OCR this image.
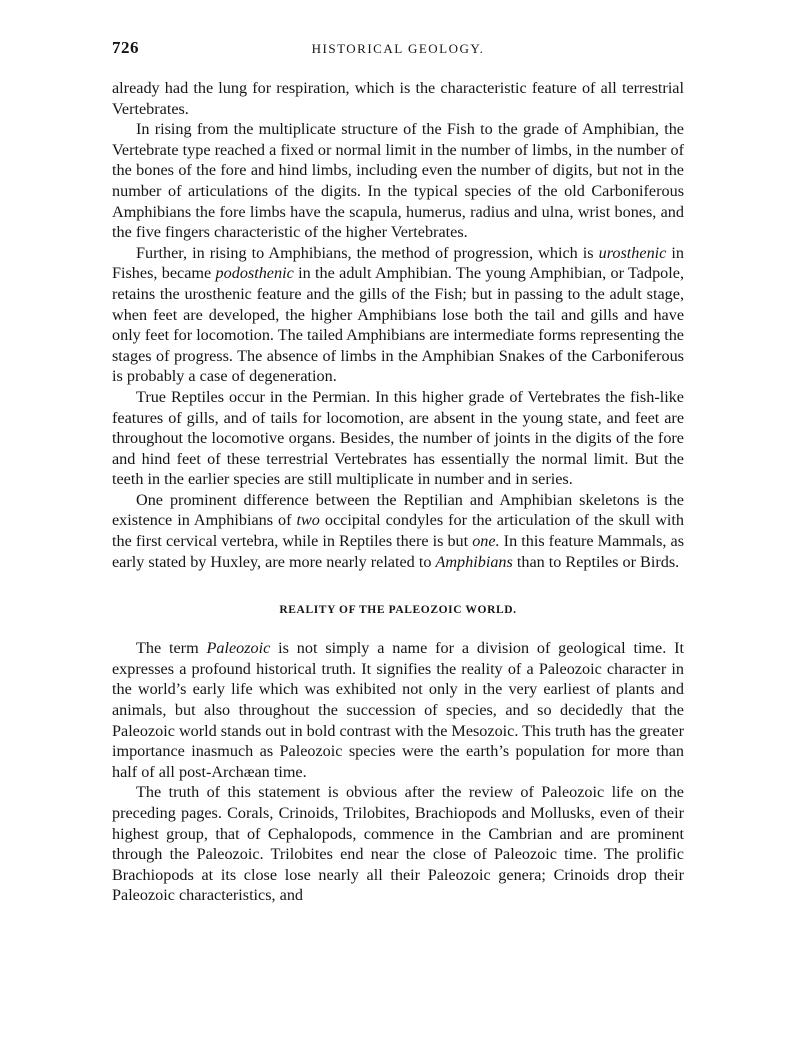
726	HISTORICAL GEOLOGY.

already had the lung for respiration, which is the characteristic feature of all terrestrial Vertebrates.

In rising from the multiplicate structure of the Fish to the grade of Amphibian, the Vertebrate type reached a fixed or normal limit in the number of limbs, in the number of the bones of the fore and hind limbs, including even the number of digits, but not in the number of articulations of the digits. In the typical species of the old Carboniferous Amphibians the fore limbs have the scapula, humerus, radius and ulna, wrist bones, and the five fingers characteristic of the higher Vertebrates.

Further, in rising to Amphibians, the method of progression, which is urosthenic in Fishes, became podosthenic in the adult Amphibian. The young Amphibian, or Tadpole, retains the urosthenic feature and the gills of the Fish; but in passing to the adult stage, when feet are developed, the higher Amphibians lose both the tail and gills and have only feet for locomotion. The tailed Amphibians are intermediate forms representing the stages of progress. The absence of limbs in the Amphibian Snakes of the Carboniferous is probably a case of degeneration.

True Reptiles occur in the Permian. In this higher grade of Vertebrates the fish-like features of gills, and of tails for locomotion, are absent in the young state, and feet are throughout the locomotive organs. Besides, the number of joints in the digits of the fore and hind feet of these terrestrial Vertebrates has essentially the normal limit. But the teeth in the earlier species are still multiplicate in number and in series.

One prominent difference between the Reptilian and Amphibian skeletons is the existence in Amphibians of two occipital condyles for the articulation of the skull with the first cervical vertebra, while in Reptiles there is but one. In this feature Mammals, as early stated by Huxley, are more nearly related to Amphibians than to Reptiles or Birds.

REALITY OF THE PALEOZOIC WORLD.

The term Paleozoic is not simply a name for a division of geological time. It expresses a profound historical truth. It signifies the reality of a Paleozoic character in the world’s early life which was exhibited not only in the very earliest of plants and animals, but also throughout the succession of species, and so decidedly that the Paleozoic world stands out in bold contrast with the Mesozoic. This truth has the greater importance inasmuch as Paleozoic species were the earth’s population for more than half of all post-Archæan time.

The truth of this statement is obvious after the review of Paleozoic life on the preceding pages. Corals, Crinoids, Trilobites, Brachiopods and Mollusks, even of their highest group, that of Cephalopods, commence in the Cambrian and are prominent through the Paleozoic. Trilobites end near the close of Paleozoic time. The prolific Brachiopods at its close lose nearly all their Paleozoic genera; Crinoids drop their Paleozoic characteristics, and
